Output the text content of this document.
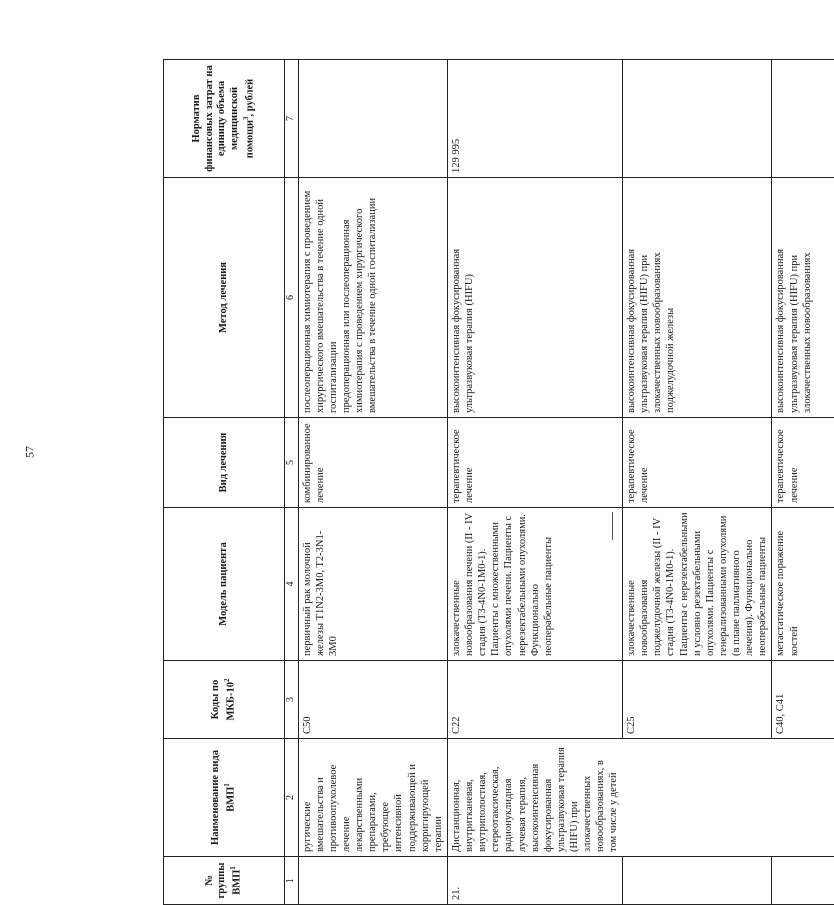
57
№ группы ВМП$^1$	Наименование вида ВМП$^1$	Коды по МКБ-$10^2$	Модель пациента	Вид лечения	Метод лечения	Норматив финансовых затрат на единицу объема медицинской помощи$^3$, рублей
1	2	3	4	5	6	7
	ругические вмешательства и противоопухолевое лечение лекарственными препаратами, требующее интенсивной поддерживающей и корригирующей терапии	C50	первичный рак молочной железы T1N2-3M0, T2-3N1-3M0	комбинированное лечение	послеоперационная химиотерапия с проведением хирургического вмешательства в течение одной госпитализации
предоперационная или послеоперационная химиотерапия с проведением хирургического вмешательства в течение одной госпитализации	
21.	Дистанционная, внутритканевая, внутриполостная, стереотаксическая, радионуклидная лучевая терапия, высокоинтенсивная фокусированная ультразвуковая терапия (HIFU) при злокачественных новообразованиях, в том числе у детей	C22	злокачественные новообразования печени (II - IV стадия (T3-4N0-1M0-1). Пациенты с множественными опухолями печени. Пациенты с нерезектабельными опухолями. Функционально неоперабельные пациенты	терапевтическое лечение	высокоинтенсивная фокусированная ультразвуковая терапия (HIFU)	129 995
		C25	злокачественные новообразования поджелудочной железы (II - IV стадия (T3-4N0-1M0-1). Пациенты с нерезектабельными и условно резектабельными опухолями. Пациенты с генерализованными опухолями (в плане паллиативного лечения). Функционально неоперабельные пациенты	терапевтическое лечение	высокоинтенсивная фокусированная ультразвуковая терапия (HIFU) при злокачественных новообразованиях поджелудочной железы	
		C40, C41	метастатическое поражение костей	терапевтическое лечение	высокоинтенсивная фокусированная ультразвуковая терапия (HIFU) при злокачественных новообразованиях	
